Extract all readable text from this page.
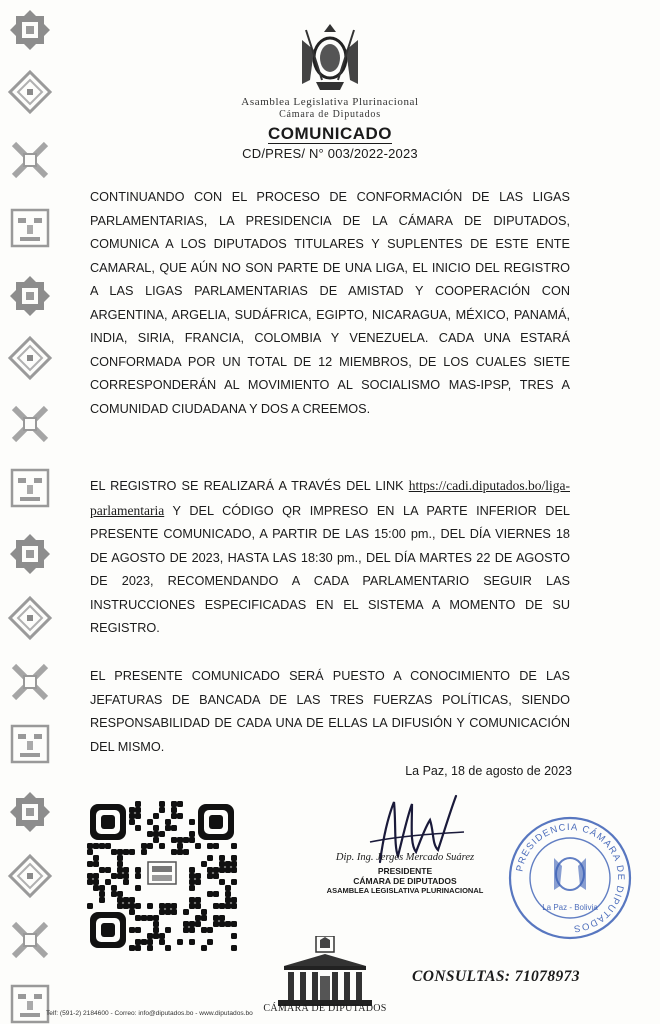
Asamblea Legislativa Plurinacional
Cámara de Diputados
COMUNICADO
CD/PRES/ N° 003/2022-2023
CONTINUANDO CON EL PROCESO DE CONFORMACIÓN DE LAS LIGAS PARLAMENTARIAS, LA PRESIDENCIA DE LA CÁMARA DE DIPUTADOS, COMUNICA A LOS DIPUTADOS TITULARES Y SUPLENTES DE ESTE ENTE CAMARAL, QUE AÚN NO SON PARTE DE UNA LIGA, EL INICIO DEL REGISTRO A LAS LIGAS PARLAMENTARIAS DE AMISTAD Y COOPERACIÓN CON ARGENTINA, ARGELIA, SUDÁFRICA, EGIPTO, NICARAGUA, MÉXICO, PANAMÁ, INDIA, SIRIA, FRANCIA, COLOMBIA Y VENEZUELA. CADA UNA ESTARÁ CONFORMADA POR UN TOTAL DE 12 MIEMBROS, DE LOS CUALES SIETE CORRESPONDERÁN AL MOVIMIENTO AL SOCIALISMO MAS-IPSP, TRES A COMUNIDAD CIUDADANA Y DOS A CREEMOS.
EL REGISTRO SE REALIZARÁ A TRAVÉS DEL LINK https://cadi.diputados.bo/liga-parlamentaria Y DEL CÓDIGO QR IMPRESO EN LA PARTE INFERIOR DEL PRESENTE COMUNICADO, A PARTIR DE LAS 15:00 pm., DEL DÍA VIERNES 18 DE AGOSTO DE 2023, HASTA LAS 18:30 pm., DEL DÍA MARTES 22 DE AGOSTO DE 2023, RECOMENDANDO A CADA PARLAMENTARIO SEGUIR LAS INSTRUCCIONES ESPECIFICADAS EN EL SISTEMA A MOMENTO DE SU REGISTRO.
EL PRESENTE COMUNICADO SERÁ PUESTO A CONOCIMIENTO DE LAS JEFATURAS DE BANCADA DE LAS TRES FUERZAS POLÍTICAS, SIENDO RESPONSABILIDAD DE CADA UNA DE ELLAS LA DIFUSIÓN Y COMUNICACIÓN DEL MISMO.
La Paz, 18 de agosto de 2023
Dip. Ing. Jerges Mercado Suárez
PRESIDENTE
CÁMARA DE DIPUTADOS
ASAMBLEA LEGISLATIVA PLURINACIONAL
PRESIDENCIA CÁMARA DE DIPUTADOS
La Paz - Bolivia
CÁMARA DE DIPUTADOS
CONSULTAS: 71078973
Telf: (591-2) 2184600 - Correo: info@diputados.bo - www.diputados.bo
